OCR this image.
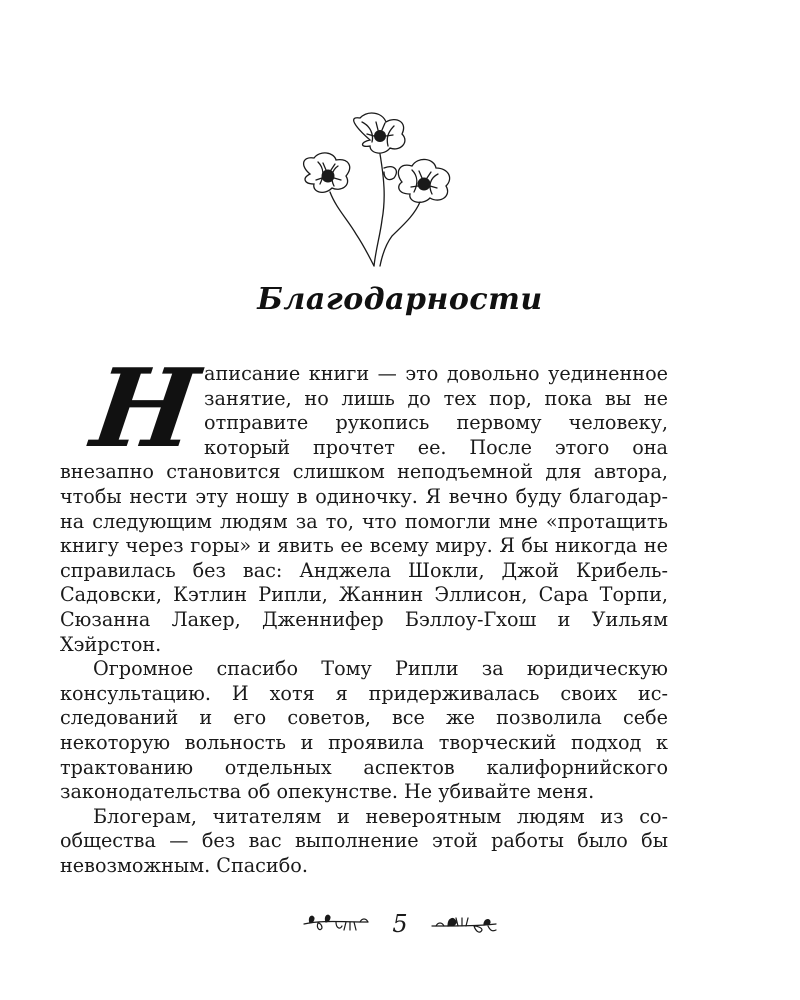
Благодарности

Написание книги — это довольно уединенное занятие, но лишь до тех пор, пока вы не отправите рукопись первому человеку, который прочтет ее. После этого она внезапно становится слишком неподъемной для автора, чтобы нести эту ношу в одиночку. Я вечно буду благодарна следующим людям за то, что помогли мне «протащить книгу через горы» и явить ее всему миру. Я бы никогда не справилась без вас: Анджела Шокли, Джой Крибель-Садовски, Кэтлин Рипли, Жаннин Эллисон, Сара Торпи, Сюзанна Лакер, Дженнифер Бэллоу-Гхош и Уильям Хэйрстон.

Огромное спасибо Тому Рипли за юридическую консультацию. И хотя я придерживалась своих исследований и его советов, все же позволила себе некоторую вольность и проявила творческий подход к трактованию отдельных аспектов калифорнийского законодательства об опекунстве. Не убивайте меня.

Блогерам, читателям и невероятным людям из сообщества — без вас выполнение этой работы было бы невозможным. Спасибо.

5
